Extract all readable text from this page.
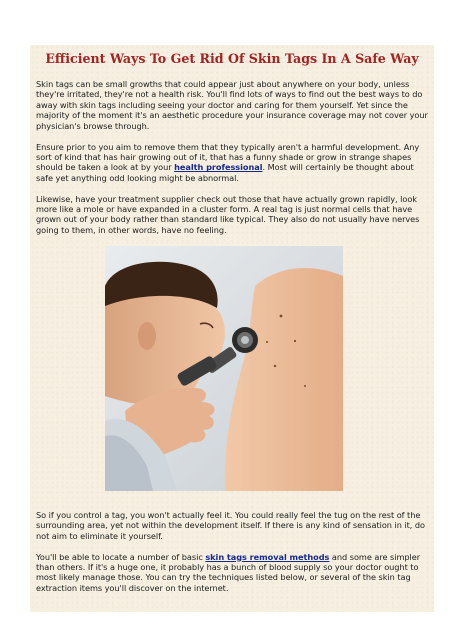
Efficient Ways To Get Rid Of Skin Tags In A Safe Way

Skin tags can be small growths that could appear just about anywhere on your body, unless they're irritated, they're not a health risk. You'll find lots of ways to find out the best ways to do away with skin tags including seeing your doctor and caring for them yourself. Yet since the majority of the moment it's an aesthetic procedure your insurance coverage may not cover your physician's browse through.

Ensure prior to you aim to remove them that they typically aren't a harmful development. Any sort of kind that has hair growing out of it, that has a funny shade or grow in strange shapes should be taken a look at by your health professional. Most will certainly be thought about safe yet anything odd looking might be abnormal.

Likewise, have your treatment supplier check out those that have actually grown rapidly, look more like a mole or have expanded in a cluster form. A real tag is just normal cells that have grown out of your body rather than standard like typical. They also do not usually have nerves going to them, in other words, have no feeling.

So if you control a tag, you won't actually feel it. You could really feel the tug on the rest of the surrounding area, yet not within the development itself. If there is any kind of sensation in it, do not aim to eliminate it yourself.

You'll be able to locate a number of basic skin tags removal methods and some are simpler than others. If it's a huge one, it probably has a bunch of blood supply so your doctor ought to most likely manage those. You can try the techniques listed below, or several of the skin tag extraction items you'll discover on the internet.
